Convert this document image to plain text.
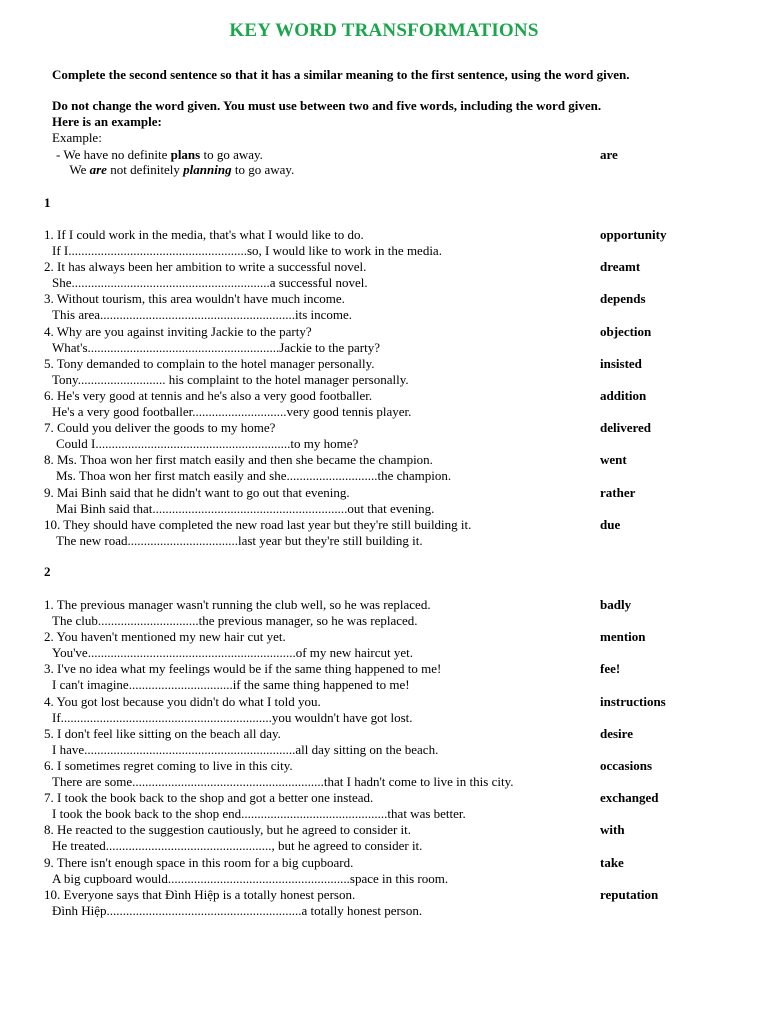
KEY WORD TRANSFORMATIONS
Complete the second sentence so that it has a similar meaning to the first sentence, using the word given.
Do not change the word given. You must use between two and five words, including the word given.
Here is an example:
Example:
- We have no definite plans to go away.	are
We are not definitely planning to go away.
1
1. If I could work in the media, that's what I would like to do.	opportunity
If I.......................................................so, I would like to work in the media.
2. It has always been her ambition to write a successful novel.	dreamt
She.............................................................a successful novel.
3. Without tourism, this area wouldn't have much income.	depends
This area............................................................its income.
4. Why are you against inviting Jackie to the party?	objection
What's...........................................................Jackie to the party?
5. Tony demanded to complain to the hotel manager personally.	insisted
Tony........................... his complaint to the hotel manager personally.
6. He's very good at tennis and he's also a very good footballer.	addition
He's a very good footballer.............................very good tennis player.
7. Could you deliver the goods to my home?	delivered
Could I............................................................to my home?
8. Ms. Thoa won her first match easily and then she became the champion.	went
Ms. Thoa won her first match easily and she............................the champion.
9. Mai Binh said that he didn't want to go out that evening.	rather
Mai Binh said that............................................................out that evening.
10. They should have completed the new road last year but they're still building it.	due
The new road..................................last year but they're still building it.
2
1. The previous manager wasn't running the club well, so he was replaced.	badly
The club...............................the previous manager, so he was replaced.
2. You haven't mentioned my new hair cut yet.	mention
You've................................................................of my new haircut yet.
3. I've no idea what my feelings would be if the same thing happened to me!	fee!
I can't imagine................................if the same thing happened to me!
4. You got lost because you didn't do what I told you.	instructions
If.................................................................you wouldn't have got lost.
5. I don't feel like sitting on the beach all day.	desire
I have.................................................................all day sitting on the beach.
6. I sometimes regret coming to live in this city.	occasions
There are some...........................................................that I hadn't come to live in this city.
7. I took the book back to the shop and got a better one instead.	exchanged
I took the book back to the shop end.............................................that was better.
8. He reacted to the suggestion cautiously, but he agreed to consider it.	with
He treated..................................................., but he agreed to consider it.
9. There isn't enough space in this room for a big cupboard.	take
A big cupboard would........................................................space in this room.
10. Everyone says that Đình Hiệp is a totally honest person.	reputation
Đình Hiệp............................................................a totally honest person.
